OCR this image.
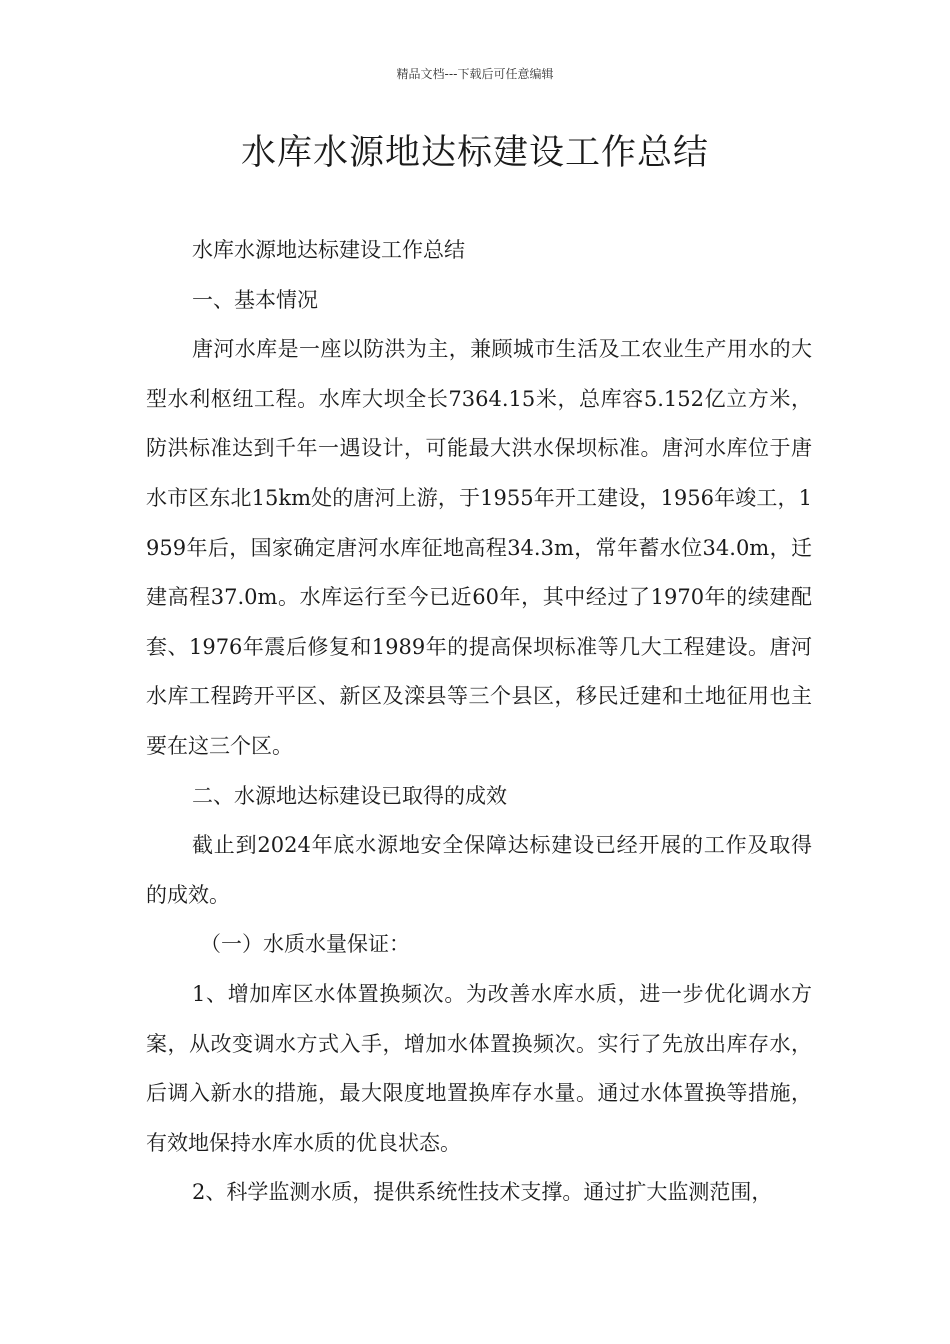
精品文档---下载后可任意编辑
水库水源地达标建设工作总结

水库水源地达标建设工作总结

一、基本情况

唐河水库是一座以防洪为主，兼顾城市生活及工农业生产用水的大型水利枢纽工程。水库大坝全长7364.15米，总库容5.152亿立方米，防洪标准达到千年一遇设计，可能最大洪水保坝标准。唐河水库位于唐水市区东北15km处的唐河上游，于1955年开工建设，1956年竣工，1959年后，国家确定唐河水库征地高程34.3m，常年蓄水位34.0m，迁建高程37.0m。水库运行至今已近60年，其中经过了1970年的续建配套、1976年震后修复和1989年的提高保坝标准等几大工程建设。唐河水库工程跨开平区、新区及滦县等三个县区，移民迁建和土地征用也主要在这三个区。

二、水源地达标建设已取得的成效

截止到2024年底水源地安全保障达标建设已经开展的工作及取得的成效。

（一）水质水量保证：

1、增加库区水体置换频次。为改善水库水质，进一步优化调水方案，从改变调水方式入手，增加水体置换频次。实行了先放出库存水，后调入新水的措施，最大限度地置换库存水量。通过水体置换等措施，有效地保持水库水质的优良状态。

2、科学监测水质，提供系统性技术支撑。通过扩大监测范围，
